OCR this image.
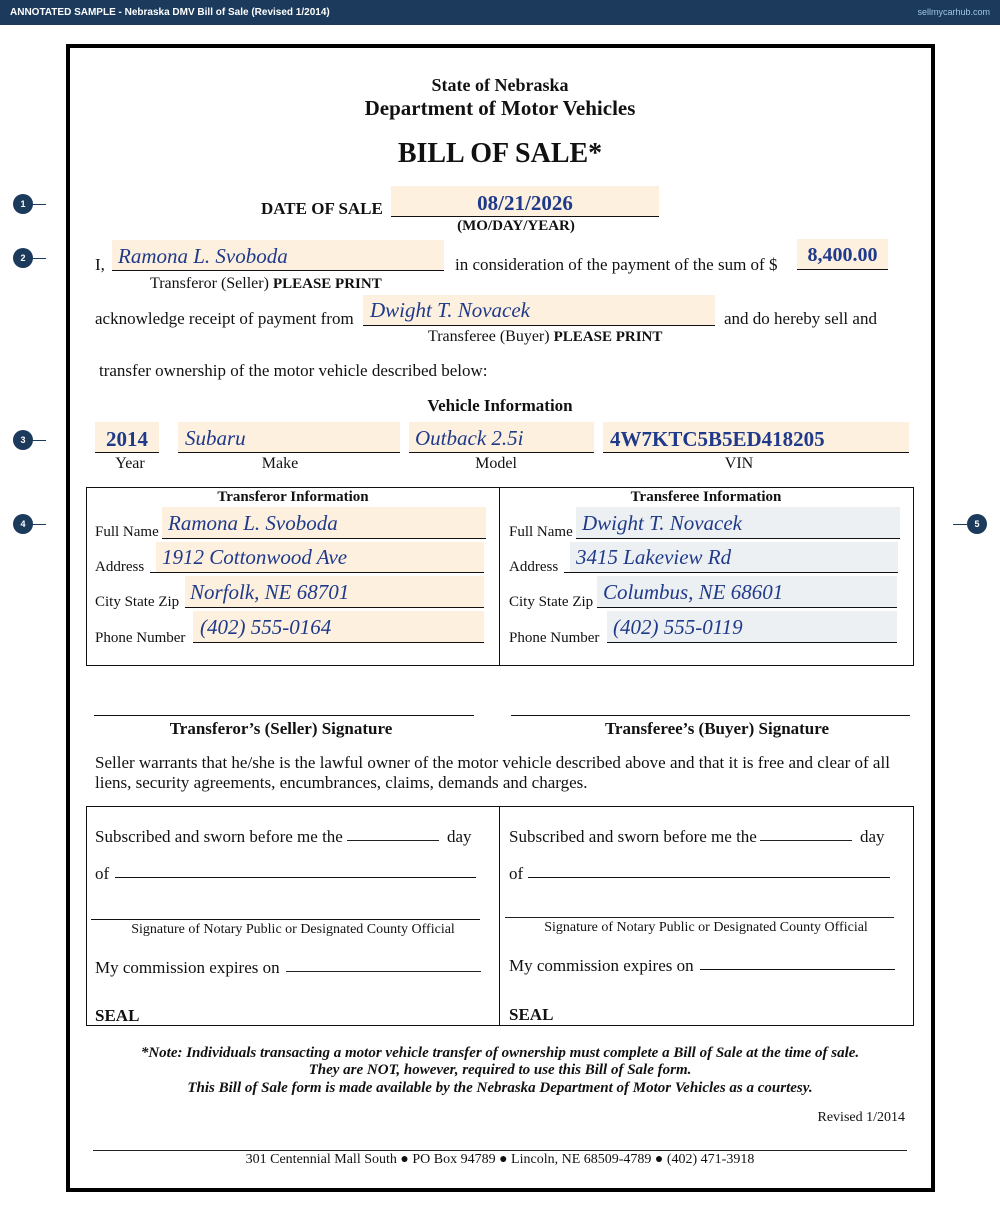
ANNOTATED SAMPLE - Nebraska DMV Bill of Sale (Revised 1/2014)	sellmycarhub.com
1
2
3
4	5
State of Nebraska
Department of Motor Vehicles
BILL OF SALE*
DATE OF SALE	08/21/2026
(MO/DAY/YEAR)
I, Ramona L. Svoboda	in consideration of the payment of the sum of $	8,400.00
Transferor (Seller) PLEASE PRINT
acknowledge receipt of payment from Dwight T. Novacek	and do hereby sell and
Transferee (Buyer) PLEASE PRINT
transfer ownership of the motor vehicle described below:
Vehicle Information
2014
Year
Subaru
Make
Outback 2.5i
Model
4W7KTC5B5ED418205
VIN
Transferor Information
Full Name Ramona L. Svoboda
Address 1912 Cottonwood Ave
City State Zip Norfolk, NE 68701
Phone Number (402) 555-0164
Transferee Information
Full Name Dwight T. Novacek
Address 3415 Lakeview Rd
City State Zip Columbus, NE 68601
Phone Number (402) 555-0119
Transferor’s (Seller) Signature	Transferee’s (Buyer) Signature
Seller warrants that he/she is the lawful owner of the motor vehicle described above and that it is free and clear of all
liens, security agreements, encumbrances, claims, demands and charges.
Subscribed and sworn before me the	day
of
Signature of Notary Public or Designated County Official
My commission expires on
SEAL
Subscribed and sworn before me the	day
of
Signature of Notary Public or Designated County Official
My commission expires on
SEAL
*Note: Individuals transacting a motor vehicle transfer of ownership must complete a Bill of Sale at the time of sale.
They are NOT, however, required to use this Bill of Sale form.
This Bill of Sale form is made available by the Nebraska Department of Motor Vehicles as a courtesy.
Revised 1/2014
301 Centennial Mall South ● PO Box 94789 ● Lincoln, NE 68509-4789 ● (402) 471-3918
